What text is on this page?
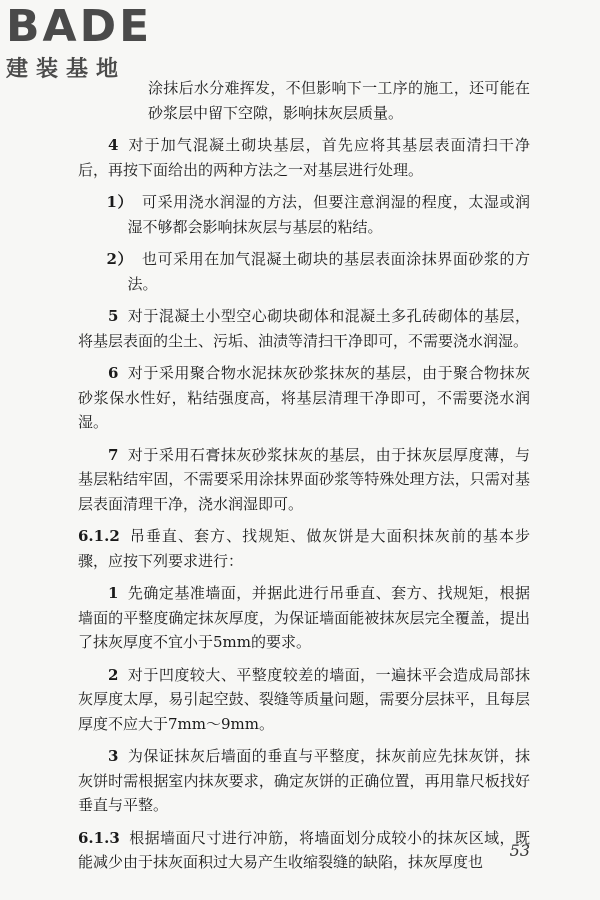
BADE
建装基地

涂抹后水分难挥发，不但影响下一工序的施工，还可能在砂浆层中留下空隙，影响抹灰层质量。

4 对于加气混凝土砌块基层，首先应将其基层表面清扫干净后，再按下面给出的两种方法之一对基层进行处理。

1） 可采用浇水润湿的方法，但要注意润湿的程度，太湿或润湿不够都会影响抹灰层与基层的粘结。

2） 也可采用在加气混凝土砌块的基层表面涂抹界面砂浆的方法。

5 对于混凝土小型空心砌块砌体和混凝土多孔砖砌体的基层，将基层表面的尘土、污垢、油渍等清扫干净即可，不需要浇水润湿。

6 对于采用聚合物水泥抹灰砂浆抹灰的基层，由于聚合物抹灰砂浆保水性好，粘结强度高，将基层清理干净即可，不需要浇水润湿。

7 对于采用石膏抹灰砂浆抹灰的基层，由于抹灰层厚度薄，与基层粘结牢固，不需要采用涂抹界面砂浆等特殊处理方法，只需对基层表面清理干净，浇水润湿即可。

6.1.2 吊垂直、套方、找规矩、做灰饼是大面积抹灰前的基本步骤，应按下列要求进行：

1 先确定基准墙面，并据此进行吊垂直、套方、找规矩，根据墙面的平整度确定抹灰厚度，为保证墙面能被抹灰层完全覆盖，提出了抹灰厚度不宜小于5mm的要求。

2 对于凹度较大、平整度较差的墙面，一遍抹平会造成局部抹灰厚度太厚，易引起空鼓、裂缝等质量问题，需要分层抹平，且每层厚度不应大于7mm～9mm。

3 为保证抹灰后墙面的垂直与平整度，抹灰前应先抹灰饼，抹灰饼时需根据室内抹灰要求，确定灰饼的正确位置，再用靠尺板找好垂直与平整。

6.1.3 根据墙面尺寸进行冲筋，将墙面划分成较小的抹灰区域，既能减少由于抹灰面积过大易产生收缩裂缝的缺陷，抹灰厚度也

53
